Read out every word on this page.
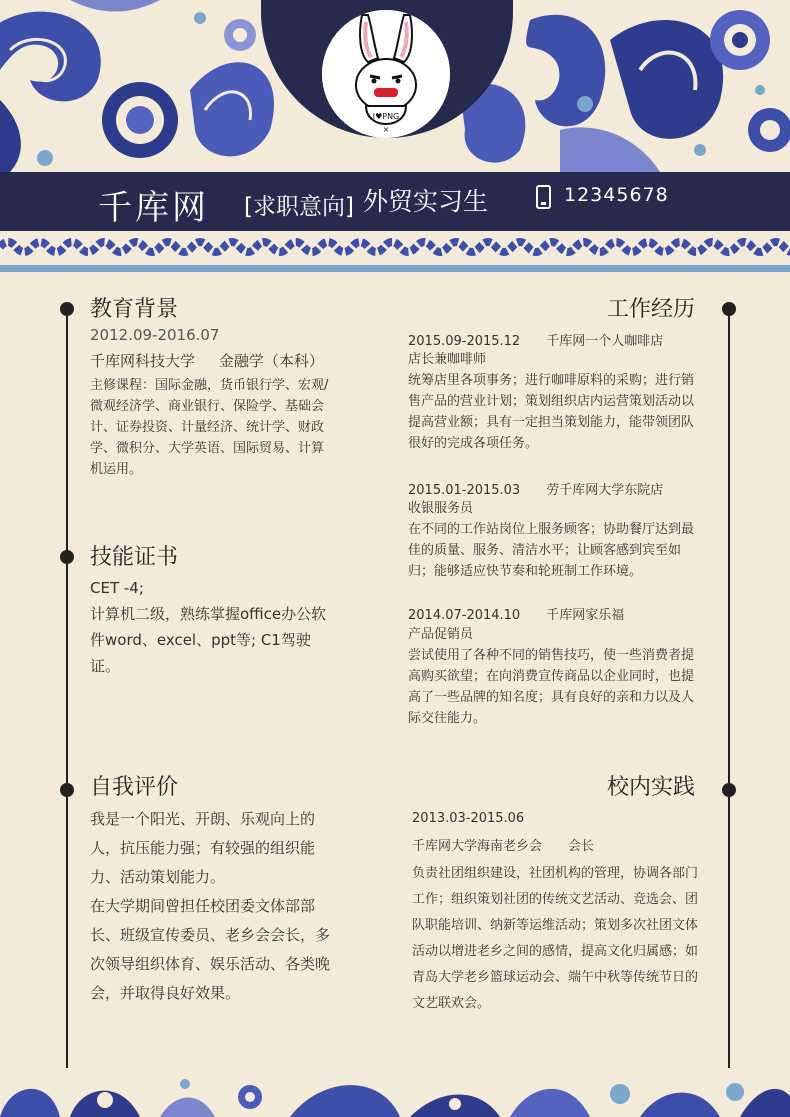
I♥PNG
×
千库网 [求职意向] 外贸实习生	12345678
教育背景
2012.09-2016.07
千库网科技大学     金融学（本科）
主修课程：国际金融，货币银行学、宏观/微观经济学、商业银行、保险学、基础会计、证券投资、计量经济、统计学、财政学、微积分、大学英语、国际贸易、计算机运用。
技能证书
CET -4;
计算机二级，熟练掌握office办公软件word、excel、ppt等; C1驾驶证。
自我评价
我是一个阳光、开朗、乐观向上的人，抗压能力强；有较强的组织能力、活动策划能力。
在大学期间曾担任校团委文体部部长、班级宣传委员、老乡会会长，多次领导组织体育、娱乐活动、各类晚会，并取得良好效果。
工作经历
2015.09-2015.12 千库网一个人咖啡店
店长兼咖啡师
统筹店里各项事务；进行咖啡原料的采购；进行销售产品的营业计划；策划组织店内运营策划活动以提高营业额；具有一定担当策划能力，能带领团队很好的完成各项任务。
2015.01-2015.03 劳千库网大学东院店
收银服务员
在不同的工作站岗位上服务顾客；协助餐厅达到最佳的质量、服务、清洁水平；让顾客感到宾至如归；能够适应快节奏和轮班制工作环境。
2014.07-2014.10 千库网家乐福
产品促销员
尝试使用了各种不同的销售技巧，使一些消费者提高购买欲望；在向消费宣传商品以企业同时，也提高了一些品牌的知名度；具有良好的亲和力以及人际交往能力。
校内实践
2013.03-2015.06
千库网大学海南老乡会 会长
负责社团组织建设，社团机构的管理，协调各部门工作；组织策划社团的传统文艺活动、竞选会、团队职能培训、纳新等运维活动；策划多次社团文体活动以增进老乡之间的感情，提高文化归属感；如青岛大学老乡篮球运动会、端午中秋等传统节日的文艺联欢会。
